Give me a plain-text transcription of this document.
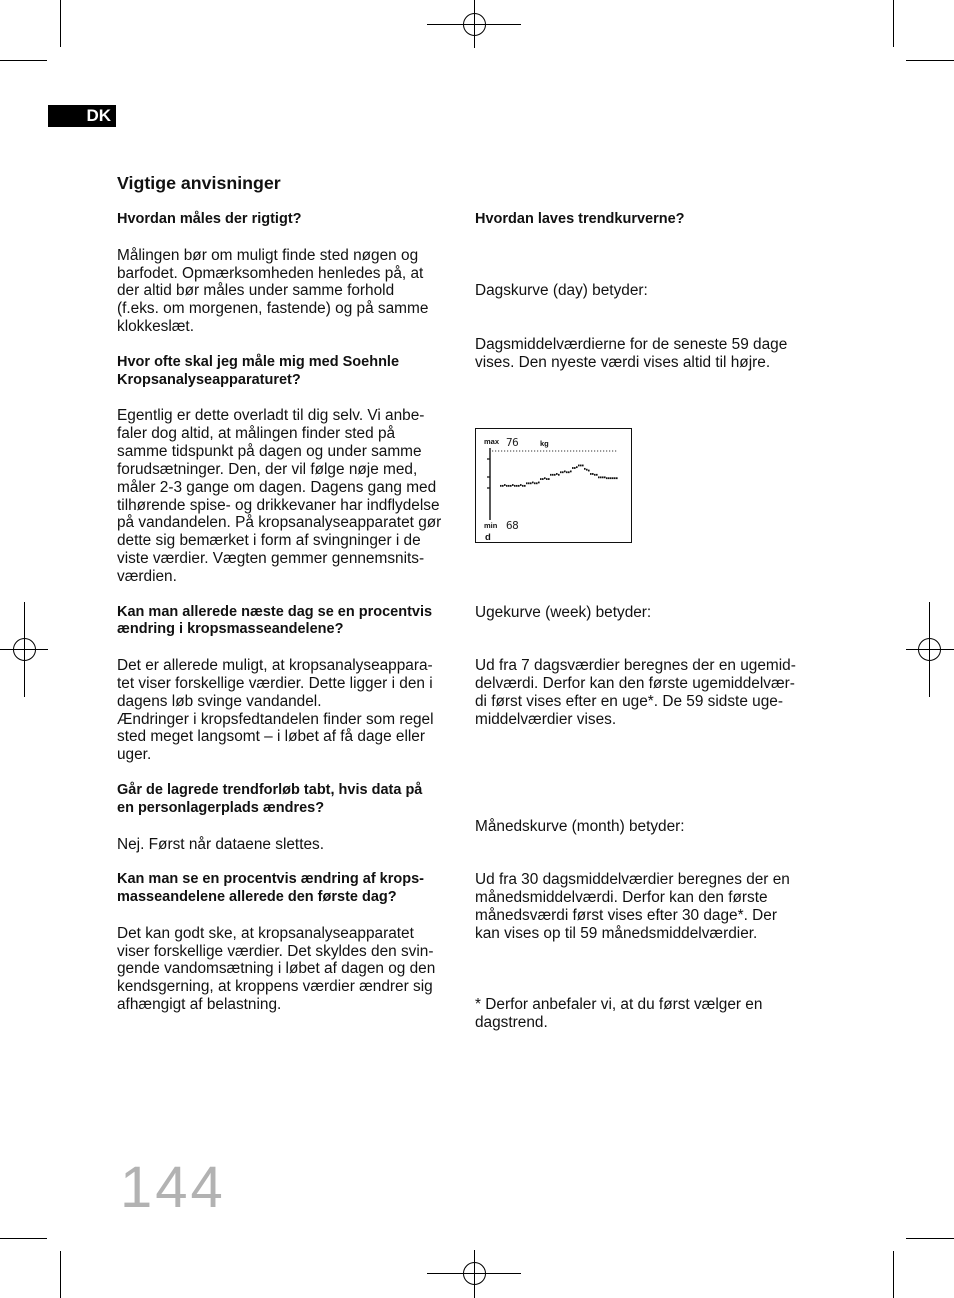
DK
Vigtige anvisninger

Hvordan måles der rigtigt?

Målingen bør om muligt finde sted nøgen og
barfodet. Opmærksomheden henledes på, at
der altid bør måles under samme forhold
(f.eks. om morgenen, fastende) og på samme
klokkeslæt.

Hvor ofte skal jeg måle mig med Soehnle
Kropsanalyseapparaturet?

Egentlig er dette overladt til dig selv. Vi anbe-
faler dog altid, at målingen finder sted på
samme tidspunkt på dagen og under samme
forudsætninger. Den, der vil følge nøje med,
måler 2-3 gange om dagen. Dagens gang med
tilhørende spise- og drikkevaner har indflydelse
på vandandelen. På kropsanalyseapparatet gør
dette sig bemærket i form af svingninger i de
viste værdier. Vægten gemmer gennemsnits-
værdien.

Kan man allerede næste dag se en procentvis
ændring i kropsmasseandelene?

Det er allerede muligt, at kropsanalyseappara-
tet viser forskellige værdier. Dette ligger i den i
dagens løb svinge vandandel.
Ændringer i kropsfedtandelen finder som regel
sted meget langsomt – i løbet af få dage eller
uger.

Går de lagrede trendforløb tabt, hvis data på
en personlagerplads ændres?

Nej. Først når dataene slettes.

Kan man se en procentvis ændring af krops-
masseandelene allerede den første dag?

Det kan godt ske, at kropsanalyseapparatet
viser forskellige værdier. Det skyldes den svin-
gende vandomsætning i løbet af dagen og den
kendsgerning, at kroppens værdier ændrer sig
afhængigt af belastning.

Hvordan laves trendkurverne?

Dagskurve (day) betyder:

Dagsmiddelværdierne for de seneste 59 dage
vises. Den nyeste værdi vises altid til højre.

max 76	kg
min 68
d

Ugekurve (week) betyder:

Ud fra 7 dagsværdier beregnes der en ugemid-
delværdi. Derfor kan den første ugemiddelvær-
di først vises efter en uge*. De 59 sidste uge-
middelværdier vises.

Månedskurve (month) betyder:

Ud fra 30 dagsmiddelværdier beregnes der en
månedsmiddelværdi. Derfor kan den første
månedsværdi først vises efter 30 dage*. Der
kan vises op til 59 månedsmiddelværdier.

* Derfor anbefaler vi, at du først vælger en
dagstrend.

144
